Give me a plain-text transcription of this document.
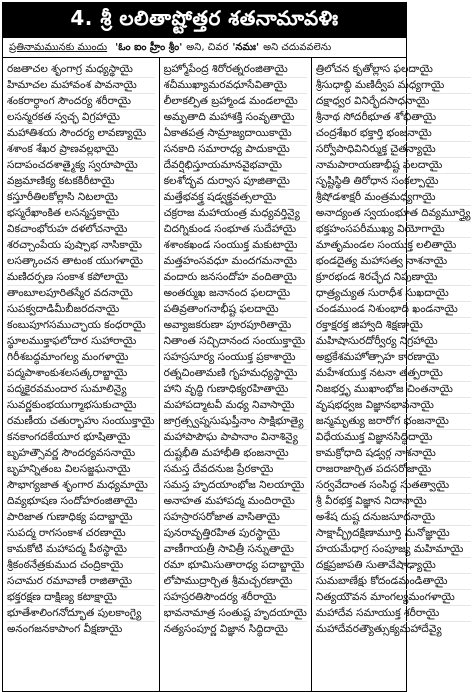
4. శ్రీ లలితాష్టోత్తర శతనామావళిః
ప్రతినామమునకు ముందు 'ఓం ఐం హ్రీం శ్రీం' అని, చివర 'నమః' అని చదువవలెను
రజతాచల శృంగాగ్ర మధ్యస్థాయై
హిమాచల మహావంశ పావనాయై
శంకరార్ధాంగ సౌందర్య శరీరాయై
లసన్మరకత స్వచ్ఛ విగ్రహాయై
మహాతిశయ సౌందర్య లావణ్యాయై
శశాంక శేఖర ప్రాణవల్లభాయై
సదాపంచదశాత్మైక్య స్వరూపాయై
వజ్రమాణిక్య కటకకిరీటాయై
కస్తూరీతిలకోల్లాసి నిటలాయై
భస్మరేఖాంకిత లసన్మస్తకాయై
వికచాంభోరుహ దళలోచనాయై
శరచ్చాంపేయ పుష్పాభ నాసికాయై
లసత్కాంచన తాటంక యుగళాయై
మణిదర్పణ సంకాశ కపోలాయై
తాంబూలపూరితస్మేర వదనాయై
సుపక్వదాడిమీబీజరదనాయై
కంబుపూగసముచ్ఛాయ కంధరాయై
స్థూలముక్తాఫలోదార సుహారాయై
గిరీశబద్ధమాంగల్య మంగళాయై
పద్మపాశాంకుశలసత్కరాబ్జాయై
పద్మకైరవమందార సుమాలిన్యై
సువర్ణకుంభయుగ్మాభసుకుచాయై
రమణీయ చతుర్భాహు సంయుక్తాయై
కనకాంగదకేయూర భూషితాయై
బృహత్సౌవర్ణ సౌందర్యవసనాయై
బృహన్నితంబ విలసజ్జఘనాయై
సౌభాగ్యజాత శృంగార మధ్యమాయై
దివ్యభూషణ సందోహరంజితాయై
పారిజాత గుణాధిక్య పదాబ్జాయై
సుపద్మ రాగసంకాశ చరణాయై
కామకోటి మహాపద్మ పీఠస్థాయై
శ్రీకంఠనేత్రకుముద చంద్రికాయై
సచామర రమావాణీ రాజితాయై
భక్తరక్షణ దాక్షిణ్య కటాక్షాయై
భూతేశాలింగనోద్భూత పులకాంగ్యై
అనంగజనకాపాంగ వీక్షణాయై
బ్రహ్మోపేంద్ర శిరోరత్నరంజితాయై
శచీముఖ్యామరవధూసేవితాయై
లీలాకల్పిత బ్రహ్మాండ మండలాయై
అమృతాది మహాశక్తి సంవృతాయై
ఏకాతపత్ర సామ్రాజ్యదాయికాయై
సనకాది సమారాధ్య పాదుకాయై
దేవర్షిభిస్తూయమానవైభవాయై
కలశోద్భవ దుర్వాస పూజితాయై
మత్తేభవక్త్ర షడ్వక్త్రవత్సలాయై
చక్రరాజ మహాయంత్ర మధ్యవర్తిన్యై
చిదగ్నికుండ సంభూత సుదేహాయై
శశాంకఖండ సంయుక్త మకుటాయై
మత్తహంసవధూ మందగమనాయై
వందారు జనసందోహ వందితాయై
అంతర్ముఖ జనానంద ఫలదాయై
పతివ్రతాంగనాభీష్ట ఫలదాయై
అవ్యాజకరుణా పూరపూరితాయై
నితాంత సచ్చిదానంద సంయుక్తాయై
సహస్రసూర్య సంయుక్త ప్రకాశాయై
రత్నచింతామణి గృహమధ్యస్థాయై
హాని వృద్ధి గుణాధిక్యరహితాయై
మహాపద్మాటవీ మధ్య నివాసాయై
జాగ్రత్స్వప్నసుషుప్తీనాం సాక్షిభూత్యై
మహాపాపౌఘ పాపానాం వినాశిన్యై
దుష్టభీతి మహాభీతి భంజనాయై
సమస్త దేవదనుజ ప్రేరకాయై
సమస్త హృదయాంభోజ నిలయాయై
అనాహత మహాపద్మ మందిరాయై
సహస్రారసరోజాత వాసితాయై
పునరావృత్తిరహిత పురస్థాయై
వాణీగాయత్రీ సావిత్రీ సన్నుతాయై
రమా భూమిసుతారాధ్య పదాబ్జాయై
లోపాముద్రార్చిత శ్రీమచ్చరణాయై
సహస్రరతిసౌందర్య శరీరాయై
భావనామాత్ర సంతుష్ట హృదయాయై
నత్యసంపూర్ణ విజ్ఞాన సిద్ధిదాయై
త్రిలోచన కృతోల్లాస ఫలదాయై
శ్రీసుధాబ్ధి మణిద్వీప మధ్యగాయై
దక్షాధ్వర వినిర్భేదసాధనాయై
శ్రీనాథ సోదరీభూత శోభితాయై
చంద్రశేఖర భక్తార్తి భంజనాయై
సర్వోపాధివినిర్ముక్త చైతన్యాయై
నామపారాయణాభీష్ట ఫలదాయై
సృష్టిస్థితి తిరోధాన సంకల్పాయై
శ్రీషోడశాక్షరీ మంత్రమధ్యగాయై
అనాద్యంత స్వయంభూత దివ్యమూర్త్యై
భక్తహంసపరీముఖ్య వియోగాయై
మాతృమండల సంయుక్త లలితాయై
భండదైత్య మహాసత్వ నాశనాయై
క్రూరభండ శిరచ్ఛేద నిపుణాయై
ధాత్ర్యచ్యుత సురాధీశ సుఖదాయై
చండముండ నిశుంభాది ఖండనాయై
రక్తాక్షరక్త జిహ్వాది శిక్షణాయై
మహిషాసురదోర్వీర్య నిగ్రహాయై
అభ్రకేశమహోత్సాహ కారణాయై
మహేశయుక్త నటనా తత్పరాయై
నిజభర్తృ ముఖాంభోజ చింతనాయై
వృషభధ్వజ విజ్ఞానభావనాయై
జన్మమృత్యు జరారోగ భంజనాయై
విధేయముక్త విజ్ఞానసిద్ధిదాయై
కామక్రోధాది షడ్వర్గ నాశనాయై
రాజరాజార్చిత పదసరోజాయై
సర్వవేదాంత సంసిద్ధ సుతత్వాయై
శ్రీ వీరభక్త విజ్ఞాన నిదానాయై
అశేష దుష్ట దనుజసూదనాయై
సాక్షాచ్ఛ్రీదక్షిణామూర్తి మనోజ్ఞాయై
హయమేధాగ్ర సంపూజ్య మహిమాయై
దక్షప్రజాపతి సుతావేషాఢ్యాయై
సుమబాణేక్షు కోదండమండితాయై
నిత్యయౌవన మాంగల్యమంగళాయై
మహాదేవ సమాయుక్త శరీరాయై
మహాదేవరత్యౌత్సుక్యమహాదేవ్యై
